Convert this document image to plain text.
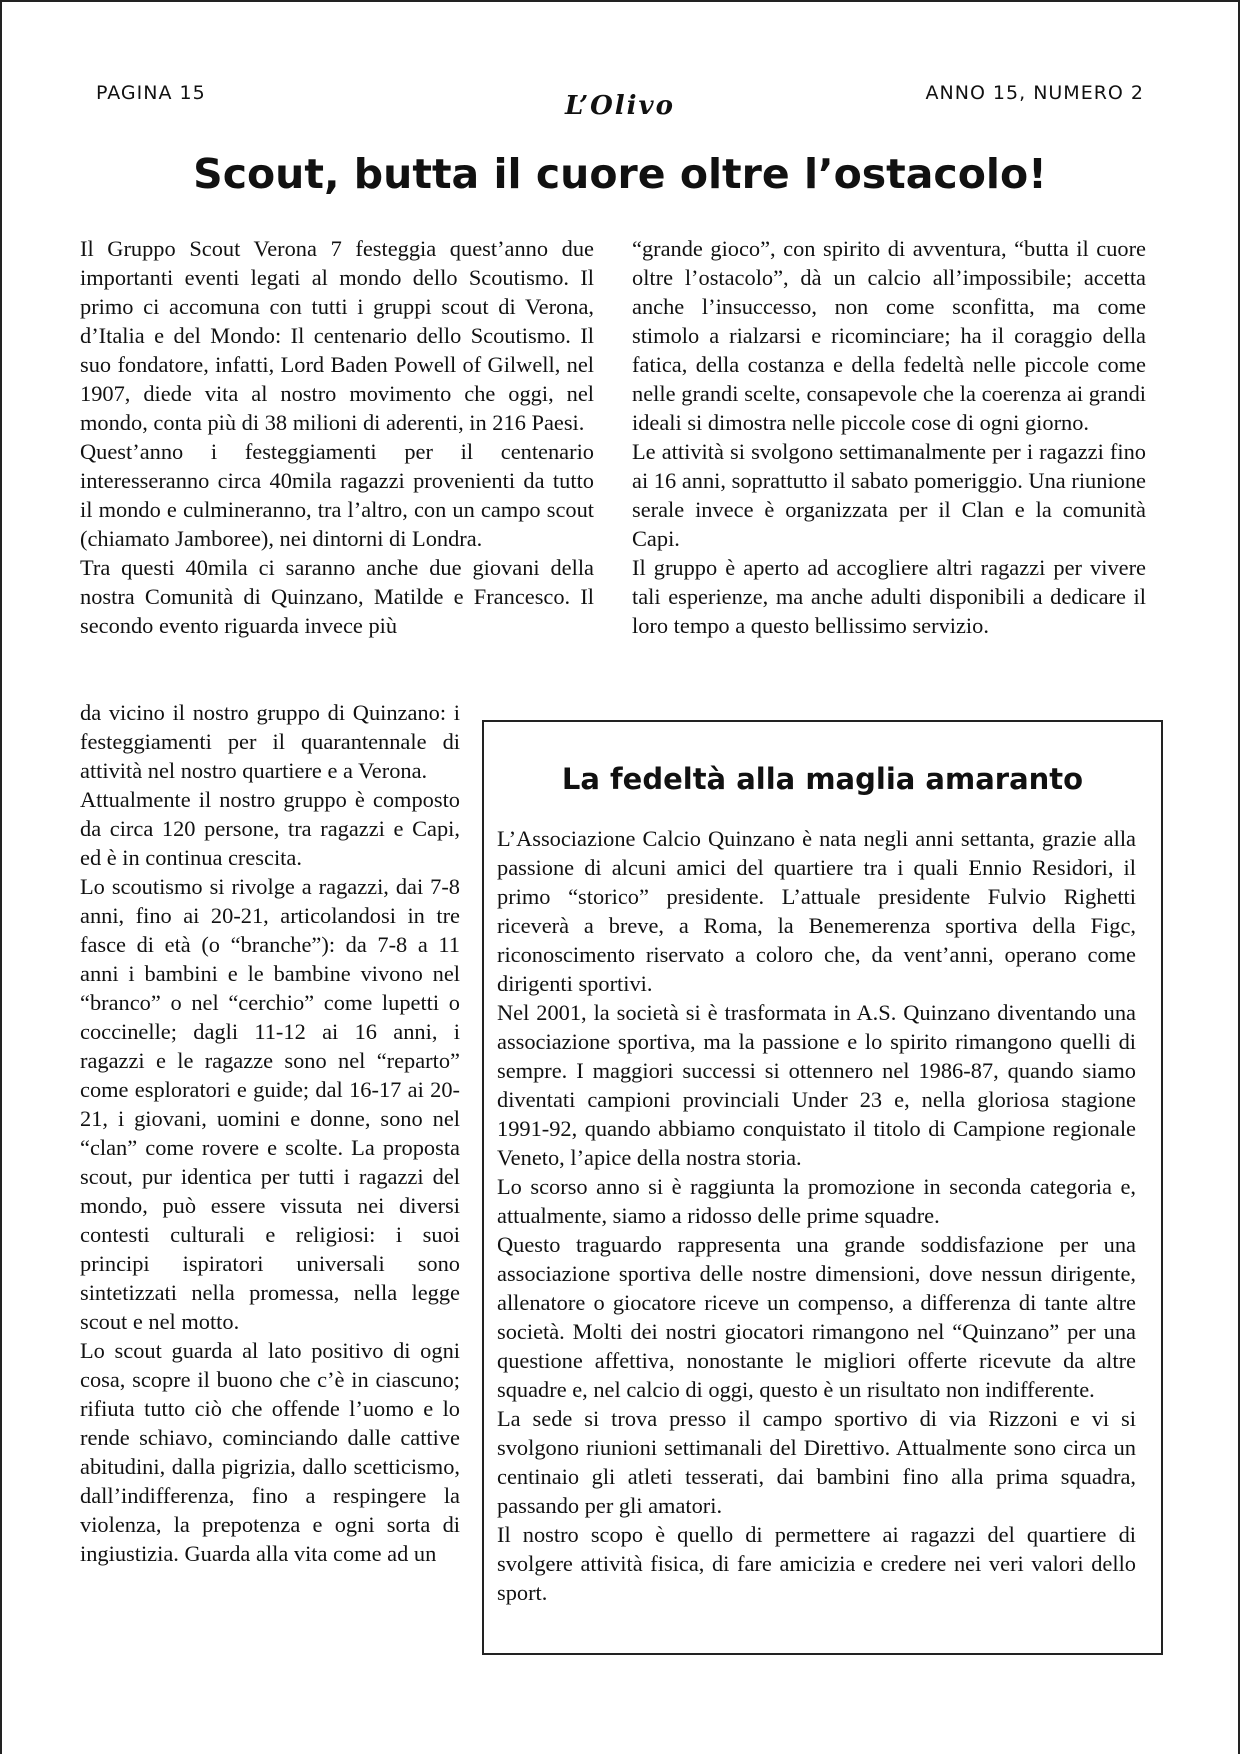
PAGINA 15	L’Olivo	ANNO 15, NUMERO 2
Scout, butta il cuore oltre l’ostacolo!

Il Gruppo Scout Verona 7 festeggia quest’anno due importanti eventi legati al mondo dello Scoutismo. Il primo ci accomuna con tutti i gruppi scout di Verona, d’Italia e del Mondo: Il centenario dello Scoutismo. Il suo fondatore, infatti, Lord Baden Powell of Gilwell, nel 1907, diede vita al nostro movimento che oggi, nel mondo, conta più di 38 milioni di aderenti, in 216 Paesi.

Quest’anno i festeggiamenti per il centenario interesseranno circa 40mila ragazzi provenienti da tutto il mondo e culmineranno, tra l’altro, con un campo scout (chiamato Jamboree), nei dintorni di Londra.

Tra questi 40mila ci saranno anche due giovani della nostra Comunità di Quinzano, Matilde e Francesco. Il secondo evento riguarda invece più

da vicino il nostro gruppo di Quinzano: i festeggiamenti per il quarantennale di attività nel nostro quartiere e a Verona.

Attualmente il nostro gruppo è composto da circa 120 persone, tra ragazzi e Capi, ed è in continua crescita.

Lo scoutismo si rivolge a ragazzi, dai 7-8 anni, fino ai 20-21, articolandosi in tre fasce di età (o “branche”): da 7-8 a 11 anni i bambini e le bambine vivono nel “branco” o nel “cerchio” come lupetti o coccinelle; dagli 11-12 ai 16 anni, i ragazzi e le ragazze sono nel “reparto” come esploratori e guide; dal 16-17 ai 20-21, i giovani, uomini e donne, sono nel “clan” come rovere e scolte. La proposta scout, pur identica per tutti i ragazzi del mondo, può essere vissuta nei diversi contesti culturali e religiosi: i suoi principi ispiratori universali sono sintetizzati nella promessa, nella legge scout e nel motto.

Lo scout guarda al lato positivo di ogni cosa, scopre il buono che c’è in ciascuno; rifiuta tutto ciò che offende l’uomo e lo rende schiavo, cominciando dalle cattive abitudini, dalla pigrizia, dallo scetticismo, dall’indifferenza, fino a respingere la violenza, la prepotenza e ogni sorta di ingiustizia. Guarda alla vita come ad un

“grande gioco”, con spirito di avventura, “butta il cuore oltre l’ostacolo”, dà un calcio all’impossibile; accetta anche l’insuccesso, non come sconfitta, ma come stimolo a rialzarsi e ricominciare; ha il coraggio della fatica, della costanza e della fedeltà nelle piccole come nelle grandi scelte, consapevole che la coerenza ai grandi ideali si dimostra nelle piccole cose di ogni giorno.

Le attività si svolgono settimanalmente per i ragazzi fino ai 16 anni, soprattutto il sabato pomeriggio. Una riunione serale invece è organizzata per il Clan e la comunità Capi.

Il gruppo è aperto ad accogliere altri ragazzi per vivere tali esperienze, ma anche adulti disponibili a dedicare il loro tempo a questo bellissimo servizio.

La fedeltà alla maglia amaranto

L’Associazione Calcio Quinzano è nata negli anni settanta, grazie alla passione di alcuni amici del quartiere tra i quali Ennio Residori, il primo “storico” presidente. L’attuale presidente Fulvio Righetti riceverà a breve, a Roma, la Benemerenza sportiva della Figc, riconoscimento riservato a coloro che, da vent’anni, operano come dirigenti sportivi.

Nel 2001, la società si è trasformata in A.S. Quinzano diventando una associazione sportiva, ma la passione e lo spirito rimangono quelli di sempre. I maggiori successi si ottennero nel 1986-87, quando siamo diventati campioni provinciali Under 23 e, nella gloriosa stagione 1991-92, quando abbiamo conquistato il titolo di Campione regionale Veneto, l’apice della nostra storia.

Lo scorso anno si è raggiunta la promozione in seconda categoria e, attualmente, siamo a ridosso delle prime squadre.

Questo traguardo rappresenta una grande soddisfazione per una associazione sportiva delle nostre dimensioni, dove nessun dirigente, allenatore o giocatore riceve un compenso, a differenza di tante altre società. Molti dei nostri giocatori rimangono nel “Quinzano” per una questione affettiva, nonostante le migliori offerte ricevute da altre squadre e, nel calcio di oggi, questo è un risultato non indifferente.

La sede si trova presso il campo sportivo di via Rizzoni e vi si svolgono riunioni settimanali del Direttivo. Attualmente sono circa un centinaio gli atleti tesserati, dai bambini fino alla prima squadra, passando per gli amatori.

Il nostro scopo è quello di permettere ai ragazzi del quartiere di svolgere attività fisica, di fare amicizia e credere nei veri valori dello sport.
